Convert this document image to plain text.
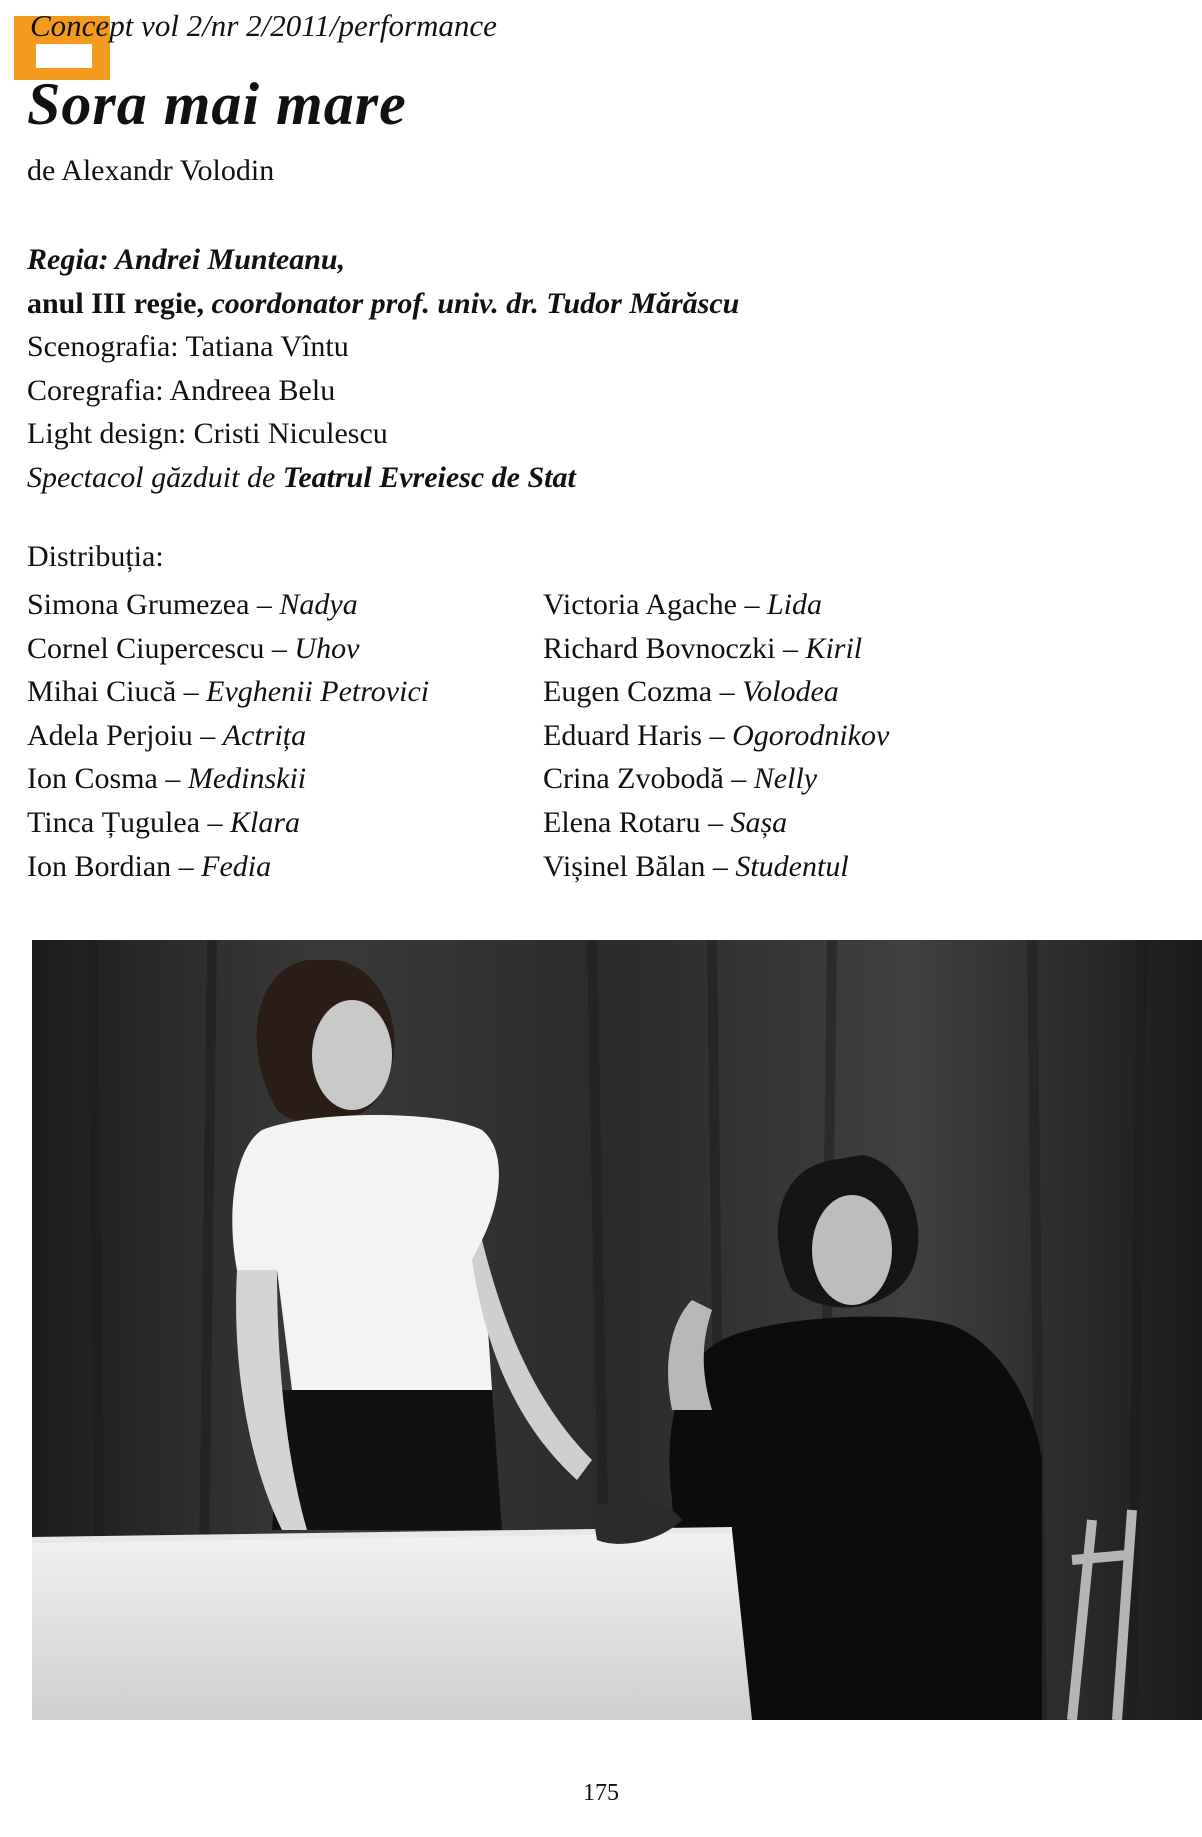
Concept vol 2/nr 2/2011/performance
Sora mai mare
de Alexandr Volodin
Regia: Andrei Munteanu,
anul III regie, coordonator prof. univ. dr. Tudor Mărăscu
Scenografia: Tatiana Vîntu
Coregrafia: Andreea Belu
Light design: Cristi Niculescu
Spectacol găzduit de Teatrul Evreiesc de Stat
Distribuția:
Simona Grumezea – Nadya
Cornel Ciupercescu – Uhov
Mihai Ciucă – Evghenii Petrovici
Adela Perjoiu – Actrița
Ion Cosma – Medinskii
Tinca Țugulea – Klara
Ion Bordian – Fedia
Victoria Agache – Lida
Richard Bovnoczki – Kiril
Eugen Cozma – Volodea
Eduard Haris – Ogorodnikov
Crina Zvobodă – Nelly
Elena Rotaru – Sașa
Vișinel Bălan – Studentul
175
